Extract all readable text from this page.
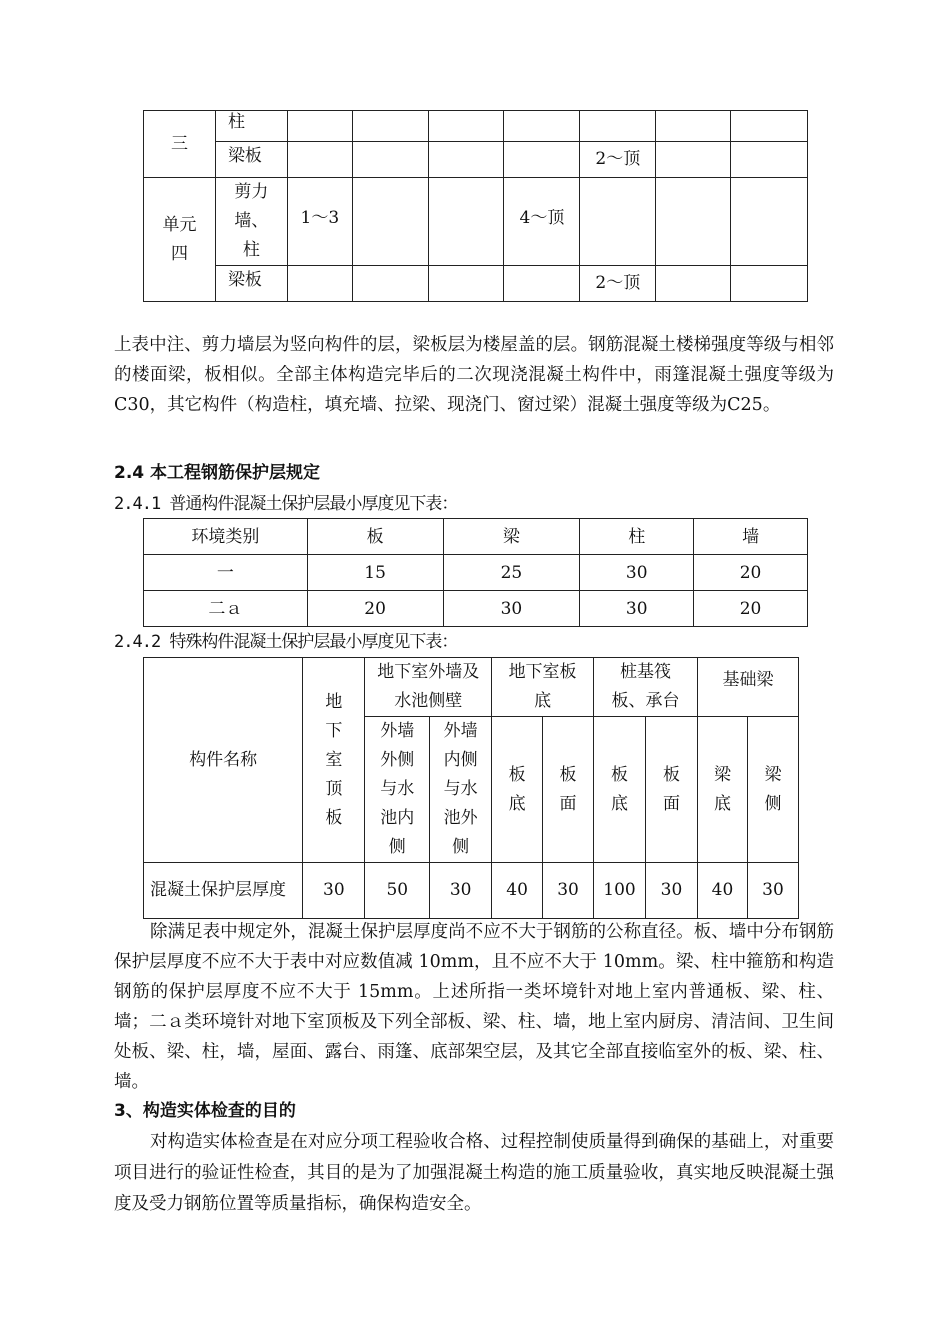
三	柱							
	梁板					2～顶		
单元四	剪力墙、柱	1～3			4～顶			
	梁板					2～顶		

上表中注、剪力墙层为竖向构件的层，梁板层为楼屋盖的层。钢筋混凝土楼梯强度等级与相邻的楼面梁，板相似。全部主体构造完毕后的二次现浇混凝土构件中，雨篷混凝土强度等级为C30，其它构件（构造柱，填充墙、拉梁、现浇门、窗过梁）混凝土强度等级为C25。

2.4 本工程钢筋保护层规定

2.4.1 普通构件混凝土保护层最小厚度见下表：

环境类别	板	梁	柱	墙
一	15	25	30	20
二ａ	20	30	30	20

2.4.2 特殊构件混凝土保护层最小厚度见下表：

构件名称	地下室顶板	地下室外墙及水池侧壁		地下室板底		桩基筏板、承台		基础梁	
		外墙外侧与水池内侧	外墙内侧与水池外侧	板底	板面	板底	板面	梁底	梁侧
混凝土保护层厚度	30	50	30	40	30	100	30	40	30

除满足表中规定外，混凝土保护层厚度尚不应不大于钢筋的公称直径。板、墙中分布钢筋保护层厚度不应不大于表中对应数值减 10mm，且不应不大于 10mm。梁、柱中箍筋和构造钢筋的保护层厚度不应不大于 15mm。上述所指一类坏境针对地上室内普通板、梁、柱、墙；二ａ类环境针对地下室顶板及下列全部板、梁、柱、墙，地上室内厨房、清洁间、卫生间处板、梁、柱，墙，屋面、露台、雨篷、底部架空层，及其它全部直接临室外的板、梁、柱、墙。

3、构造实体检查的目的

对构造实体检查是在对应分项工程验收合格、过程控制使质量得到确保的基础上，对重要项目进行的验证性检查，其目的是为了加强混凝土构造的施工质量验收，真实地反映混凝土强度及受力钢筋位置等质量指标，确保构造安全。
